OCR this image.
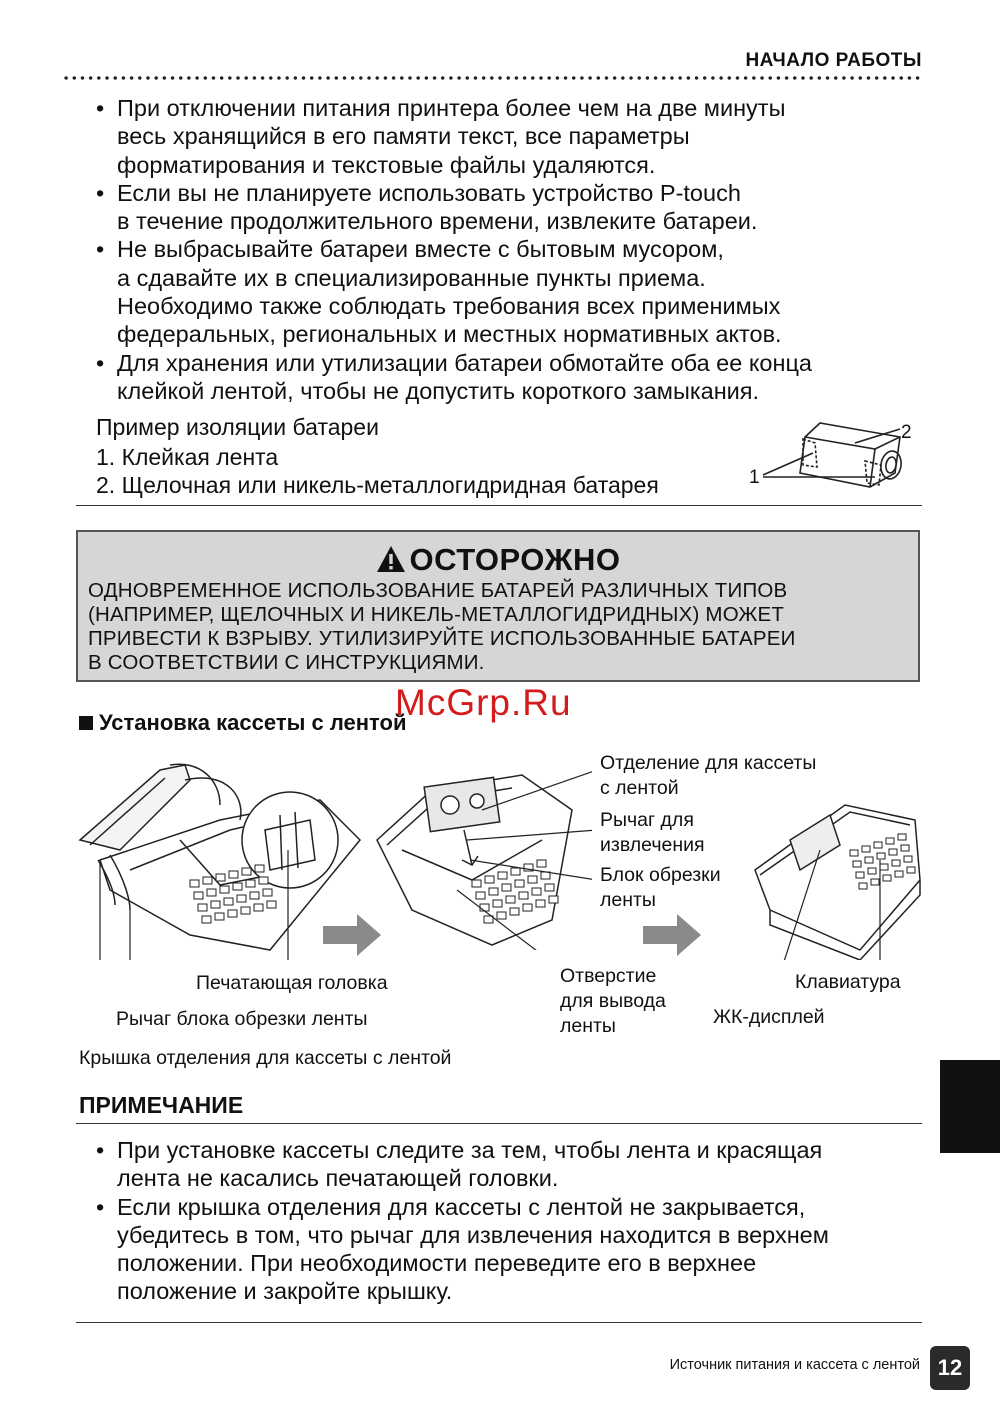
НАЧАЛО РАБОТЫ
• При отключении питания принтера более чем на две минуты
весь хранящийся в его памяти текст, все параметры
форматирования и текстовые файлы удаляются.
• Если вы не планируете использовать устройство P-touch
в течение продолжительного времени, извлеките батареи.
• Не выбрасывайте батареи вместе с бытовым мусором,
а сдавайте их в специализированные пункты приема.
Необходимо также соблюдать требования всех применимых
федеральных, региональных и местных нормативных актов.
• Для хранения или утилизации батареи обмотайте оба ее конца
клейкой лентой, чтобы не допустить короткого замыкания.
Пример изоляции батареи
1. Клейкая лента
2. Щелочная или никель-металлогидридная батарея	1
2
ОСТОРОЖНО
ОДНОВРЕМЕННОЕ ИСПОЛЬЗОВАНИЕ БАТАРЕЙ РАЗЛИЧНЫХ ТИПОВ
(НАПРИМЕР, ЩЕЛОЧНЫХ И НИКЕЛЬ-МЕТАЛЛОГИДРИДНЫХ) МОЖЕТ
ПРИВЕСТИ К ВЗРЫВУ. УТИЛИЗИРУЙТЕ ИСПОЛЬЗОВАННЫЕ БАТАРЕИ
В СООТВЕТСТВИИ С ИНСТРУКЦИЯМИ.
Установка кассеты с лентой
McGrp.Ru
Печатающая головка
Рычаг блока обрезки ленты
Крышка отделения для кассеты с лентой
Отделение для кассеты
с лентой
Рычаг для
извлечения
Блок обрезки
ленты
Отверстие
для вывода
ленты
Клавиатура
ЖК-дисплей
ПРИМЕЧАНИЕ
• При установке кассеты следите за тем, чтобы лента и красящая
лента не касались печатающей головки.
• Если крышка отделения для кассеты с лентой не закрывается,
убедитесь в том, что рычаг для извлечения находится в верхнем
положении. При необходимости переведите его в верхнее
положение и закройте крышку.
Источник питания и кассета с лентой 12
